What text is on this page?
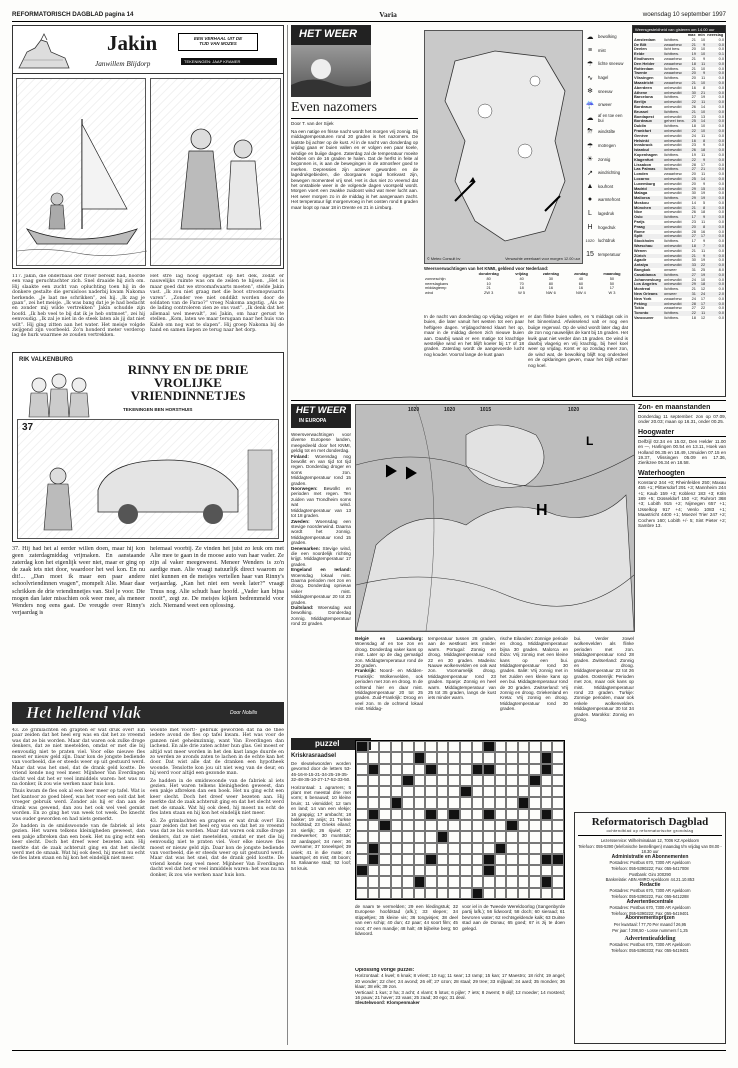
REFORMATORISCH DAGBLAD pagina 14	Varia	woensdag 10 september 1997
Jakin	EEN VERHAAL UIT DE
TIJD VAN MOZES
Janwillem Blijdorp	TEKENINGEN: JAAP KRAMER
117. Jakin, die onderbaas der rivier bereikt had, hoorde een vaag geruchtachter zich. Snel draaide hij zich om. Hij slaakte een zucht van opluchting toen hij in de donkere gestalte die geruisloos naderbij kwam Nakoma herkende. „Je laat me schrikken”, zei hij. „Ik zag je gaan”, zei het meisje. „Ik was bang dat je je had bedacht en zonder mij wilde vertrekken” Jakin schudde zijn hoofd. „Ik heb veel te bij dat ik je heb ontmoet”, zei hij eenvoudig. „Ik zal je niet in de steek laten als jij dat niet wilt”. Hij ging zitten aan het water. Het meisje volgde zwijgend zijn voorbeeld. Zo'n honderd meter verderop lag de hurk waarmee ze zouden vertrekken.
Het stre lag hoog opgetast op het dek, zodat er nauwelijks ruimte was om de zeilen te hijsen. „Het is maar goed dat we stroomafwaarts moeten”, stelde Jakin vast. „Ik zou niet graag met die boot stroomopwaarts varen”. „Zonder vee niet onddikt worden door de soldaten van de Farao?” vroeg Nakoma angstig. „Als ze de lading controleren zien ze ons vast”. „Ik denk dat het allemaal wel meevalt”, zei Jakin, om haar gerust te stellen. „Kom, laten we maar terugaan naar het huis van Kaleb om nog wat te slapen”. Hij groep Nakoma bij de hand en samen liepen ze terug naar het dorp.
RIK VALKENBURG
RINNY EN DE DRIE
VROLIJKE
VRIENDINNETJES
TEKENINGEN BEN HORSTHUIS
37
37. Hij had het al eerder willen doen, maar hij kon geen zaterdagmiddag vrijmaken. En aanstaande zaterdag kon het eigenlijk weer niet, maar er ging op de zaak iets niet door, waardoor het wel kon. En nu dit!... „Dan moet ik maar een paar andere schoolvriendinnen vragen”, mompelt Alie. Maar daar schrikken de drie vriendinnetjes van. Stel je voor. Die mogen dan later misschien ook weer mee, als meneer Wenders nog eens gaat. De vreugde over Rinny's verjaardag is
helemaal voorbij. Ze vinden het juist zo leuk om met Alie mee te gaan in de moose auto van haar vader. Ze zijn al vaker meegeweest. Meneer Wenders is zo'n aardige man. Alie vraagt natuurlijk direct waarom ze niet kunnen en de meisjes vertellen haar van Rinny's verjaardag. „Kan het niet een week later?” vraagt Truus nog. Alie schudt haar hoofd. „Vader kan bijna nooit”, zegt ze. De meisjes kijken bedremmeld voor zich. Niemand weet een oplossing.
Het hellend vlak	Door Nobilis

43. Ze grimlachten en grapten er wat druk over! Ein paar zeiden dat het heel erg was en dat het zo vreemd was dat ze bis worden. Maar dat waren ook zulke droge denkers, dat ze niet meetelden, omdat er met die bij eenvoudig niet te praten viel. Voor elke nieuwe fles moest er nieuw geld zijn. Daar kon de jongste bediende van voorbeeld, die er steeds weer op uit gestuurd werd. Maar dat was het snel, dat de drank geld kostte. De vriend kende nog veel meer. Mijnheer Van Everdingen dacht wel dat het er veel inmiddels waren: het was nu na donker, ik zou wie werken naar huis kon.

Thuis kwam de fles ook al een keer meer op tafel. Wat is het kantoor zo goed bleef, was het voor een ooit dat het vroeger gebruik werd. Zonder als hij er dan aan de drank was gewend, dan zou het ook wel veel gemist worden. En zo ging het van week tot week. De knecht was ouder geworden en had niets gemerkt.

Ze hadden in de smidswoonde van de fabriek al iets gezien. Het waren telkens kleinigheden geweest, dan een pakje afbreken dan een boek. Het nu ging echt een keer slecht. Doch het dreef weer bezeten aan. Hij merkte dat de zaak achteruit ging en dat het slecht werd met de smaak. Wat hij ook deed, hij moest nu echt de fles laten staan en hij kon het eindelijk niet meer.

woonte met voort!- gebruik geworden dat na de thee iedere avond de fles op tafel kwam. Het was voor de ganzen niet geheimzinnig, want Van Everdingen dan lachend. En alle drie zaten achter hun glas. Gel moest er altijd wat meer worden in het den kast lange duurde en zo werden ze avonds zaten te lachen in de echte kan het door. Dat wist alle dat de dranken een hypotheek woonde. Tenslotte kon jou uit niet weg van de deur, en hij werd voor altijd een gezonde man.

Ze hadden in de smidswoonde van de fabriek al iets gezien. Het waren telkens kleinigheden geweest, dan een pakje afbreken dan een boek. Het nu ging echt een keer slecht. Doch het dreef weer bezeten aan. Hij merkte dat de zaak achteruit ging en dat het slecht werd met de smaak. Wat hij ook deed, hij moest nu echt de fles laten staan en hij kon het eindelijk niet meer.

43. Ze grimlachten en grapten er wat druk over! Ein paar zeiden dat het heel erg was en dat het zo vreemd was dat ze bis worden. Maar dat waren ook zulke droge denkers, dat ze niet meetelden, omdat er met die bij eenvoudig niet te praten viel. Voor elke nieuwe fles moest er nieuw geld zijn. Daar kon de jongste bediende van voorbeeld, die er steeds weer op uit gestuurd werd. Maar dat was het snel, dat de drank geld kostte. De vriend kende nog veel meer. Mijnheer Van Everdingen dacht wel dat het er veel inmiddels waren: het was nu na donker, ik zou wie werken naar huis kon.

HET WEER
Even nazomers
Door T. van der Sijek
Na een natige en frisse nacht wordt het morgen vrij zonnig. Bij middagtemperaturen rond 20 graden is het nazomers. De laatste bij achter op de kust. Al in de nacht van donderdag op vrijdag gaan er buien vallen en er volgen een paar koele, windige en buiige dagen. Zaterdag zal de temperatuur moeite hebben om de 16 graden te halen. Dat de herfst in feite al begonnen is, is aan de bewegingen in de atmosfeer goed te merken. Depressies zijn actiever geworden en de lagedrukgebieden, die doorgaans nogal honkvast zijn, bewegen momenteel vrij snel. Het is dus niet zo vreemd dat het onstabiele weer in de volgende dagen voorspeld wordt. Morgen voert een zwakke zuidoost wind wat meer lucht aan. Het weer morgen zo in de middag is het aangenaam zacht. Het temperatuur ligt morgenvroeg in het oosten rond 8 graden maar loopt op naar 18 in Drente en 21 in Limburg.
© Meteo Consult bv	Verwachte weerkaart voor morgen 12.00 uur
☁	bewolking
≡	mist
☂	lichte sneeuw
∿	hagel
❄	sneeuw
☔ onweer
☁	af en toe een bui
⛈	windstilte
☂	motregen
☀	zonnig
↗	windrichting
▲	koufront
●	warmtefront
L	lagedruk
H	hogedruk
1020 luchtdruk
15 temperatuur
Weersgesteldheid van gisteren om 14.00 uur
		max	min	neerslag
Amsterdam	lichtbew.	21	10	0.0
De Bilt	zwaarbew.	21	9	0.0
Deelen	licht bew.	20	10	0.0
Eelde	lichtbew.	19	10	0.1
Eindhoven	zwaarbew.	21	9	0.0
Den Helder	zwaarbew.	18	11	0.0
Rotterdam	lichtbew.	21	10	0.0
Twente	zwaarbew.	20	9	0.0
Vlissingen	lichtbew.	20	11	0.0
Maastricht	zwaarbew.	21	10	0.0
Aberdeen	onbewolkt	16	8	0.0
Athene	onbewolkt	30	21	0.0
Barcelona	lichtbew.	27	19	0.0
Berlijn	onbewolkt	22	11	0.0
Bordeaux	onbewolkt	26	14	0.0
Brussel	lichtbew.	21	10	0.0
Boedapest	onbewolkt	23	13	0.0
Bordeaux	geheel bew.	25	14	0.0
Dublin	lichtbew.	18	10	0.0
Frankfurt	onbewolkt	22	10	0.0
Genève	onbewolkt	24	11	0.0
Helsinki	onbewolkt	16	8	0.0
Innsbruck	onbewolkt	23	9	0.0
Istanbul	onbewolkt	26	18	0.0
Kopenhagen	lichtbew.	19	11	0.0
Klagenfurt	onbewolkt	22	9	0.0
Lissabon	onbewolkt	28	17	0.0
Las Palmas	lichtbew.	27	21	0.0
Londen	zwaarbew.	20	11	0.0
Locarno	onbewolkt	25	14	0.0
Luxemburg	onbewolkt	20	9	0.0
Madrid	onbewolkt	29	15	0.0
Malaga	onbewolkt	30	19	0.0
Mallorca	lichtbew.	29	19	0.0
Moskou	onbewolkt	14	5	0.0
München	onbewolkt	21	8	0.0
Nice	onbewolkt	26	18	0.0
Oslo	lichtbew.	17	9	0.0
Parijs	onbewolkt	23	11	0.0
Praag	onbewolkt	20	8	0.0
Rome	onbewolkt	28	16	0.0
Split	onbewolkt	27	17	0.0
Stockholm	lichtbew.	17	9	0.0
Warschau	onbewolkt	18	7	0.0
Wenen	onbewolkt	21	11	0.0
Zürich	onbewolkt	21	9	0.0
Agadir	onbewolkt	30	19	0.0
Antalya	onbewolkt	33	22	0.0
Bangkok	onweer	31	25	8.0
Casablanca	lichtbew.	27	19	0.0
Johannesburg	onbewolkt	24	10	0.0
Los Angeles	onbewolkt	29	18	0.0
Montreal	lichtbew.	21	12	0.0
New Orleans	onweer	31	24	2.0
New York	zwaarbew.	24	17	0.0
Peking	onbewolkt	28	17	0.0
Tokio	zwaarbew.	27	22	0.0
Toronto	lichtbew.	22	11	0.0
Vancouver	lichtbew.	18	12	0.0
Weersverwachtingen van het KNMI, geldend voor Nederland:
	donderdag	vrijdag	zaterdag	zondag	maandag
zonneschijn	80	40	30	40	50
neerslagkans	10	70	80	60	50
middagtemp	21	18	16	16	17
wind	ZW 3	W 5	NW 6	NW 4	W 3
In de nacht van donderdag op vrijdag volgen er buien, die later vanuit het westen tot een paar heftigere dagen. Vrijdagochtend klaart het op, maar in de middag dienen zich nieuwe buien aan. Daarbij waait er een matige tot krachtige westelijke wind en het blijft koeler bij 17 of 18 graden. Zaterdag wordt de aangevoerde lucht nog kouder. Voorral lange de kust gaan
er dan flinke buien vallen, en 's middags ook in het binnenland. Afwisselend valt er nog een buiige regenval. Op de wind wordt later dag dat de zon nog nauwelijks de kant bij 15 graden. Het kwik gaat niet verder dan 15 graden. De wind is daarbij vlagerig en vrij krachtig, bij heel koel weer op vrijdag. Komt er op zondag meer zon, de wind wat, de bewolking blijft nog onderdeel en de opklaringen geven, maar het blijft echter nog koel.
HET WEER
IN EUROPA

Weersverwachtingen voor diverse Europese landen, meegedeeld door het KNMI, geldig tot en met donderdag.

Finland: Woensdag nog bewolkt en van tijd tot tijd regen. Donderdag droger en soms zon. Middagtemperatuur rond 15 graden.

Noorwegen: Bewolkt en perioden met regen. Ten zuiden van Trondheim soms wat wind. Middagtemperatuur van 13 tot 18 graden.

Zweden: Woensdag een stevige noordenwind. Daarna wordt het zonnig. Middagtemperatuur rond 15 graden.

Denemarken: Stevige wind, die een noordelijk richting krijgt. Middagtemperatuur 17 graden.

Engeland en Ierland: Woensdag lokaal mist. Daarna perioden met zon en droog. Donderdag opnieuw vaker mist. Middagtemperatuur 20 tot 23 graden.

Duitsland: Woensdag wat bewolking. Donderdag zonnig. Middagtemperatuur rond 22 graden.

H
L
1020	1020	1015	1020	Zon- en maanstanden
Donderdag 11 september: zon op 07.09, onder 20.03; maan op 16.31, onder 00.25.
Hoogwater
Delfzijl 02.34 en 15.02, Den Helder 11.00 en —, Harlingen 00.54 en 13.11, Hoek van Holland 06.35 en 18.49, IJmuiden 07.15 en 19.37, Vlissingen 05.09 en 17.36, Zierikzee 06.34 en 18.58.
Waterhoogten
Konstanz 344 +0; Rheinfelden 250; Maxau 455 +1; Plittersdorf 291 +3; Mannheim 244 +1; Kaub 159 +3; Koblenz 183 +3; Köln 189 +5; Düsseldorf 150 +2; Ruhrort 368 +3; Lobith 915 +2; Nijmegen 657 +1; IJsselkop 917 +4; Venlo 1083 +1; Maastricht 4400 +1; Moezel Trier 247 +2; Cochem 160; Lobith +/- 5; Sint Pieter +2; Sambre 13.

België en Luxemburg: Woensdag af en toe zon en droog. Donderdag vaker kans op mist. Later op de dag gematigd zon. Middagtemperatuur rond de 20 graden.

Frankrijk: Noord- en Midden-Frankrijk: Wolkenvelden, ook perioden met zon en droog. In de ochtend hier en daar mist. Middagtemperatuur 20 tot 25 graden. Zuid-Frankrijk: Droog en veel zon. In de ochtend lokaal mist. Middag-

temperatuur tussen 28 graden, aan de westkust iets minder warm. Portugal: Zonnig en droog. Middagtemperatuur rond 22 en 30 graden. Madeira: Nauwe wolkenvelden en ook wat zon. Voornamelijk droog. Middagtemperatuur rond 23 graden. Spanje: Zonnig en heel warm. Middagtemperatuur van 25 tot 35 graden, langs de kust iets minder warm.
rische Eilanden: Zonnige periode en droog. Middagtemperatuur bijna 30 graden. Malorca en Ibiza: Vrij zonnig met een kleine kans op een bui. Middagtemperatuur rond 30 graden. Italië: Vrij zonnig met in het zuiden een kleine kans op een bui. Middagtemperatuur rond de 30 graden. Zwitserland: Vrij zonnig en droog. Griekenland en Kreta: Vrij zonnig en droog. Middagtemperatuur rond 30 graden.
bui. Verder zowel wolkenvelden als flinke perioden met zon. Middagtemperatuur rond 28 graden. Zwitserland: Zonnig en droog. Middagtemperatuur 22 tot 26 graden. Oostenrijk: Perioden met zon, maar ook kans op mist. Middagtemperatuur rond 23 graden. Turkije: Zonnige perioden, maar ook enkele wolkenvelden. Middagtemperatuur 30 tot 34 graden. Marokko: Zonnig en droog.
puzzel
Kriskrasraadsel

De sleutelwoorden worden gevormd door de letters 53-46-16-8-15-21-34-25-19-35-32-48-35-10-27-17-52-33-50.

Horizontaal: 1 agrarïers; 5 plant met meestal drie met vorm; 6 benauwd; 10 kleine bruin; 11 vismiddel; 12 tam en land; 14 van een vlekje; 16 grappig; 17 ambacht; 18 bakker; 19 anijs; 21 Turkse hoofdstad; 23 Grieks eiland; 24 sierlijk; 26 rijwiel; 27 medewerker; 30 muntstuk; 32 aardappel; 34 neer; 36 overname; 37 toneelspel; 39 uniek; 41 in die mate; 44 kaartspel; 46 mist; 48 boom; 51 Italiaanse stad; 52 loof; 54 kruis.

de naam te vermelden; 29 een kledingstuk; 32 Europese hoofdstad (afk.); 33 slepen; 34 stippeltjes; 35 kleine vis; 36 tongvisjes; 38 deel van een schip; 40 dun; 42 paar; 44 soort film; 45 noot; 47 een mandje; 48 halt; 49 bijbelse berg; 50 lidwoord.
voor iel in de Tweede Wereldoorlog (Sangenbyrde partij lafk.); 56 lidwoord; 58 doch; 60 sieraad; 61 bevroren water; 62 rechtsgeldende kalk; 63 Duitse stad aan de Donau; 65 goed; 67 is zij te doen gelegd.
Oplossing vorige puzzel:

Horizontaal: 4 kwel; 6 knak; 8 vriest; 10 rug; 11 sear; 13 ramp; 15 kan; 17 Maestro; 18 richt; 19 angel; 20 wonder; 22 cher; 24 avond; 26 elf; 27 ozon; 28 staal; 29 tree; 33 mijlpaal; 34 aard; 35 monden; 36 klaar; 38 elk; 39 zon.

Verticaal: 1 kus; 2 ha; 3 acht; 4 vlamt; 5 lotus; 6 pijler; 7 iets; 8 zwemt; 9 olijf; 12 moeder; 14 mosterd; 16 pauw; 21 haver; 23 vaas; 25 zaad; 30 ego; 31 deal.

Sleutelwoord: Klompenmaker

Reformatorisch Dagblad
ochtendblad op reformatorische grondslag
Lezersservice: Wilhelminalaan 12, 7006 KZ Apeldoorn
Telefoon: 055-5390 (telefonische bestellingen) maandag t/m vrijdag van 08.00 - 18.30 uur
Administratie en Abonnementen
Postadres: Postbus 670, 7300 AR Apeldoorn
Telefoon: 055-5390222; Fax: 055-5417008
Postbank: Giro 200290
Bankrelatie: ABN AMRO Apeldoorn 44.21.10.853
Redactie
Postadres: Postbus 670, 7300 AR Apeldoorn
Telefoon: 055-5390222, Fax: 055-5412288
Advertentiecentrale
Postadres: Postbus 670, 7300 AR Apeldoorn
Telefoon: 055-5390222; Fax: 055-5419401
Abonnementsprijzen
Per kwartaal: f 77,70 Per maand f 26,95
Per jaar: f 298,50 - Losse nummers f 1,25
Advertentieafdeling
Postadres: Postbus 670, 7300 AR Apeldoorn
Telefoon: 055-5390333; Fax: 055-5419401
